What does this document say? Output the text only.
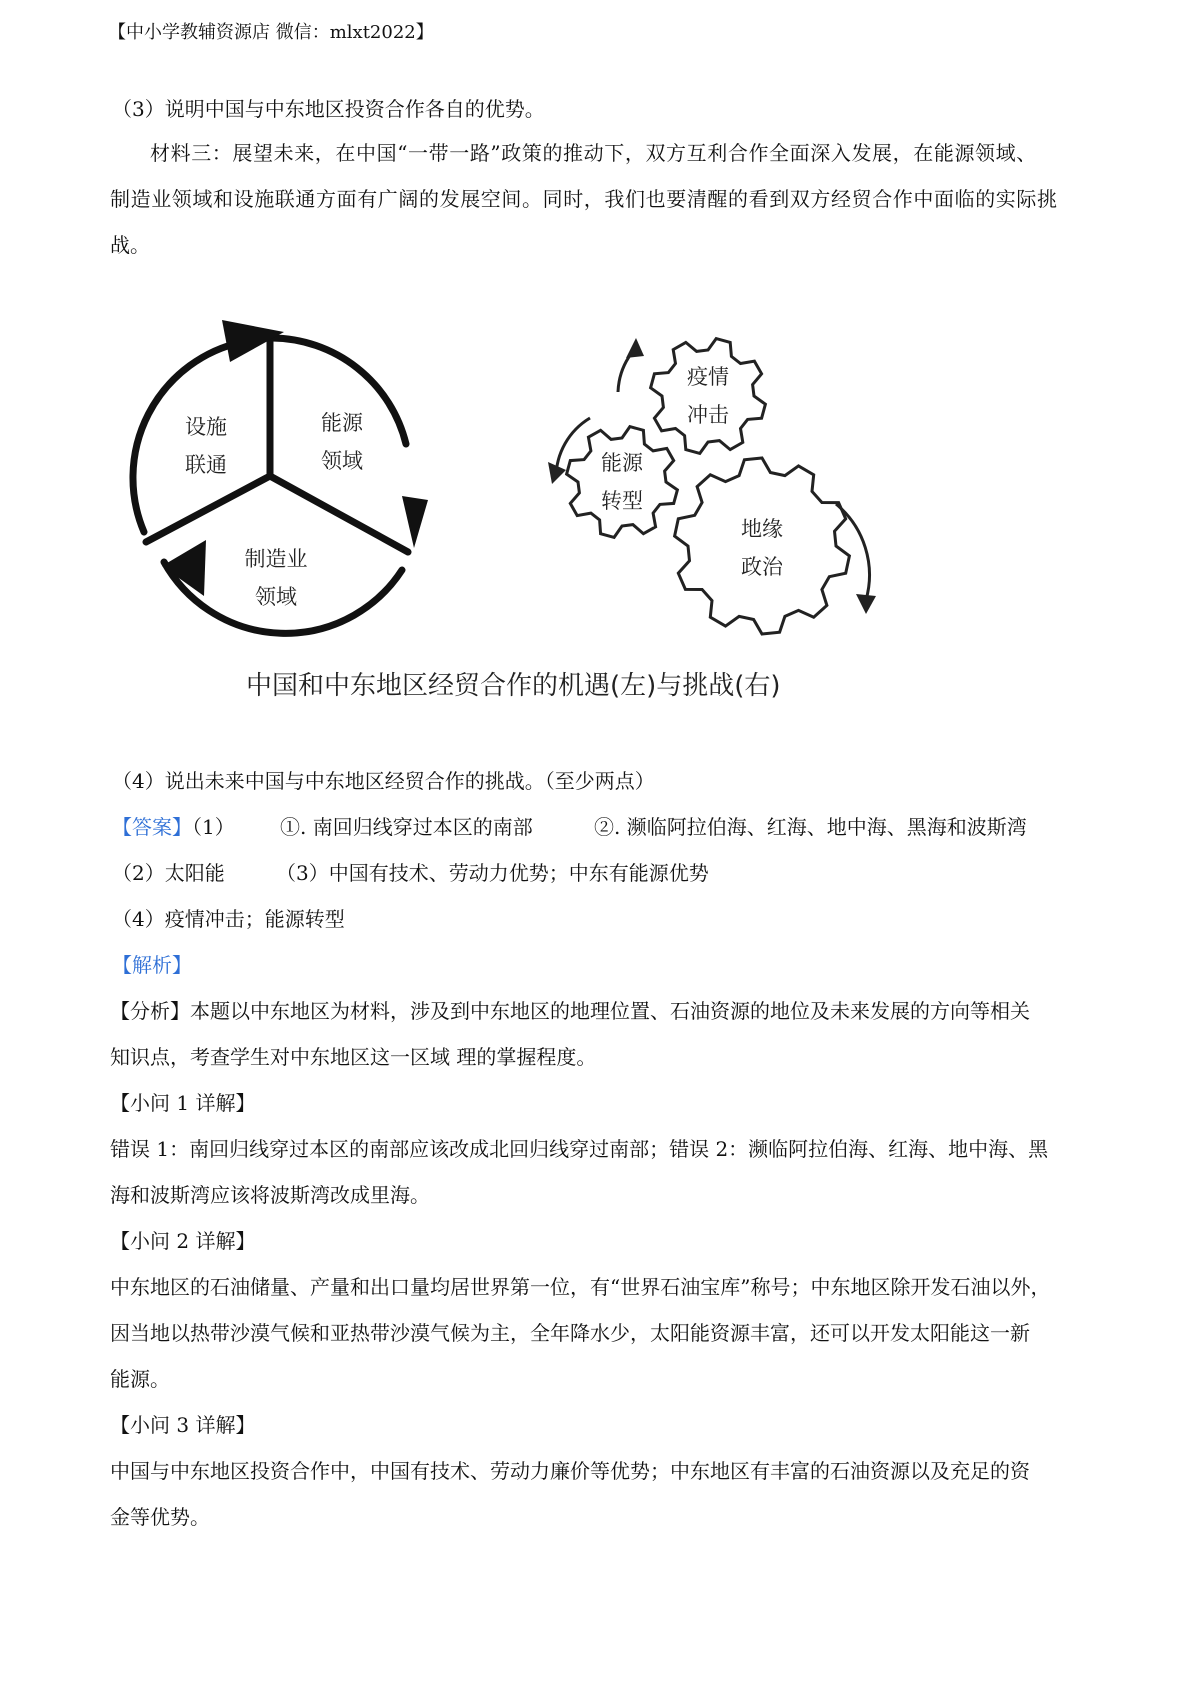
【中小学教辅资源店 微信：mlxt2022】
（3）说明中国与中东地区投资合作各自的优势。
材料三：展望未来，在中国“一带一路”政策的推动下，双方互利合作全面深入发展，在能源领域、
制造业领域和设施联通方面有广阔的发展空间。同时，我们也要清醒的看到双方经贸合作中面临的实际挑
战。
设施
联通
能源
领域
制造业
领域
疫情
冲击
能源
转型
地缘
政治
中国和中东地区经贸合作的机遇(左)与挑战(右)
（4）说出未来中国与中东地区经贸合作的挑战。（至少两点）
【答案】（1） ①. 南回归线穿过本区的南部	②. 濒临阿拉伯海、红海、地中海、黑海和波斯湾
（2）太阳能	（3）中国有技术、劳动力优势；中东有能源优势
（4）疫情冲击；能源转型
【解析】
【分析】本题以中东地区为材料，涉及到中东地区的地理位置、石油资源的地位及未来发展的方向等相关
知识点，考查学生对中东地区这一区域 理的掌握程度。
【小问 1 详解】
错误 1：南回归线穿过本区的南部应该改成北回归线穿过南部；错误 2：濒临阿拉伯海、红海、地中海、黑
海和波斯湾应该将波斯湾改成里海。
【小问 2 详解】
中东地区的石油储量、产量和出口量均居世界第一位，有“世界石油宝库”称号；中东地区除开发石油以外，
因当地以热带沙漠气候和亚热带沙漠气候为主，全年降水少，太阳能资源丰富，还可以开发太阳能这一新
能源。
【小问 3 详解】
中国与中东地区投资合作中，中国有技术、劳动力廉价等优势；中东地区有丰富的石油资源以及充足的资
金等优势。
